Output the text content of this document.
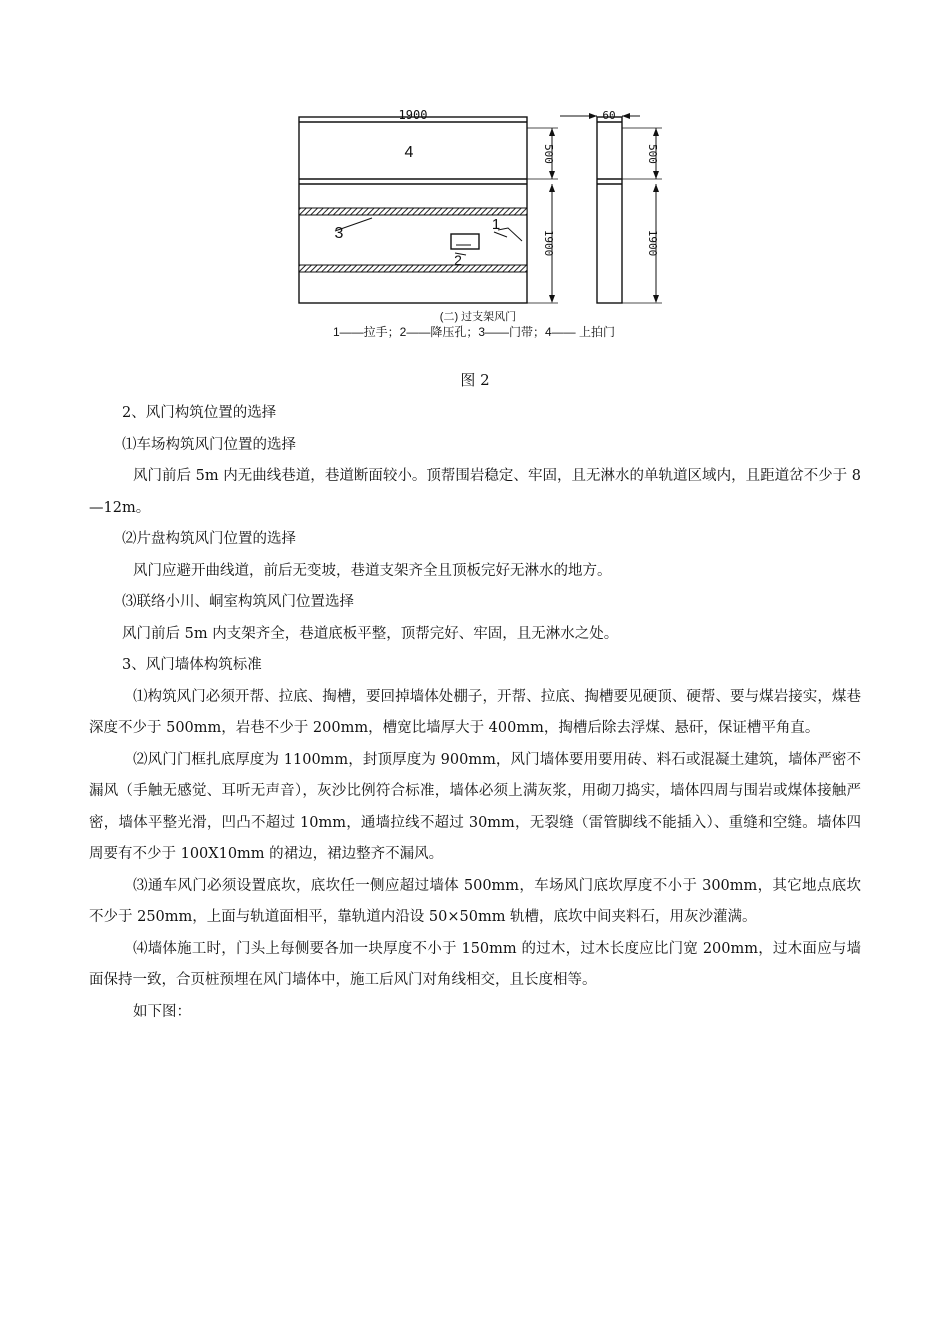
1900	60
500
1900
500
1900
4
3
1
2
(二) 过支架风门
1——拉手；2——降压孔；3——门带；4—— 上拍门
图 2

2、风门构筑位置的选择

⑴车场构筑风门位置的选择

风门前后 5m 内无曲线巷道，巷道断面较小。顶帮围岩稳定、牢固，且无淋水的单轨道区域内，且距道岔不少于 8—12m。

⑵片盘构筑风门位置的选择

风门应避开曲线道，前后无变坡，巷道支架齐全且顶板完好无淋水的地方。

⑶联络小川、峒室构筑风门位置选择

风门前后 5m 内支架齐全，巷道底板平整，顶帮完好、牢固，且无淋水之处。

3、风门墙体构筑标准

⑴构筑风门必须开帮、拉底、掏槽，要回掉墙体处棚子，开帮、拉底、掏槽要见硬顶、硬帮、要与煤岩接实，煤巷深度不少于 500mm，岩巷不少于 200mm，槽宽比墙厚大于 400mm，掏槽后除去浮煤、悬矸，保证槽平角直。

⑵风门门框扎底厚度为 1100mm，封顶厚度为 900mm，风门墙体要用要用砖、料石或混凝土建筑，墙体严密不漏风（手触无感觉、耳听无声音），灰沙比例符合标准，墙体必须上满灰浆，用砌刀捣实，墙体四周与围岩或煤体接触严密，墙体平整光滑，凹凸不超过 10mm，通墙拉线不超过 30mm，无裂缝（雷管脚线不能插入）、重缝和空缝。墙体四周要有不少于 100X10mm 的裙边，裙边整齐不漏风。

⑶通车风门必须设置底坎，底坎任一侧应超过墙体 500mm，车场风门底坎厚度不小于 300mm，其它地点底坎不少于 250mm，上面与轨道面相平，靠轨道内沿设 50×50mm 轨槽，底坎中间夹料石，用灰沙灌满。

⑷墙体施工时，门头上每侧要各加一块厚度不小于 150mm 的过木，过木长度应比门宽 200mm，过木面应与墙面保持一致，合页桩预埋在风门墙体中，施工后风门对角线相交，且长度相等。

如下图：
